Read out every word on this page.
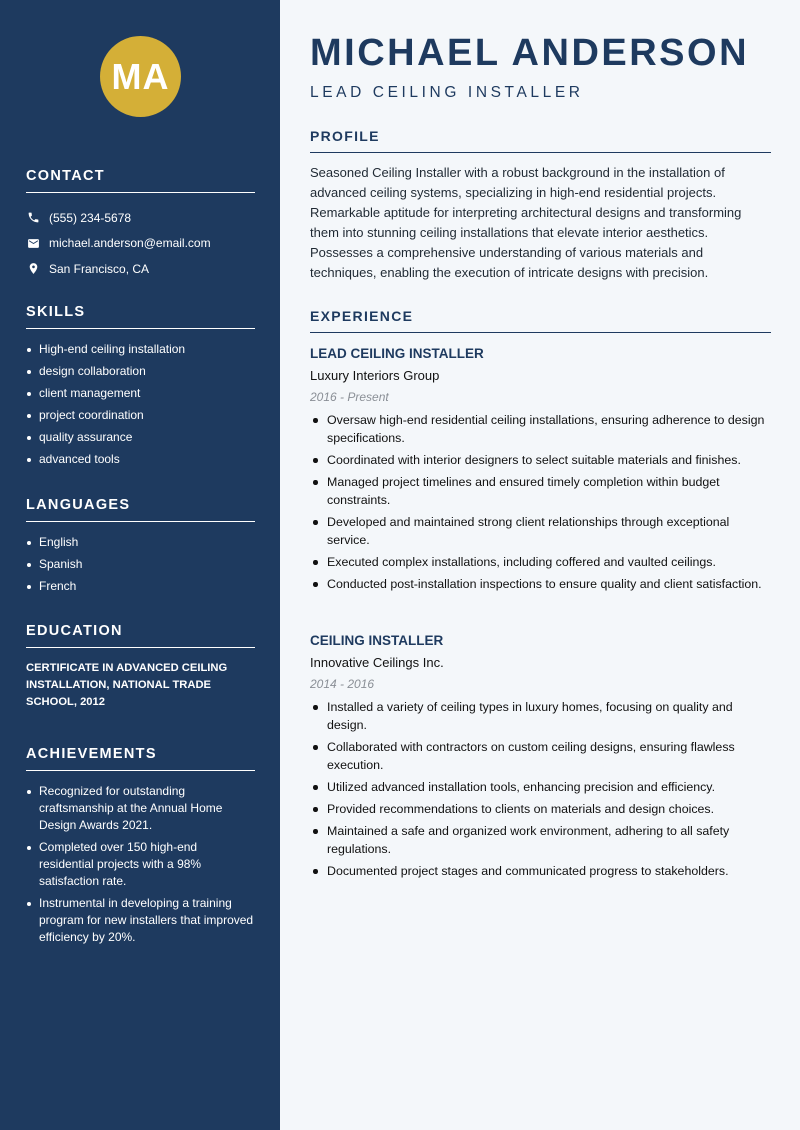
MA
CONTACT
(555) 234-5678
michael.anderson@email.com
San Francisco, CA
SKILLS
High-end ceiling installation
design collaboration
client management
project coordination
quality assurance
advanced tools
LANGUAGES
English
Spanish
French
EDUCATION

CERTIFICATE IN ADVANCED CEILING INSTALLATION, NATIONAL TRADE SCHOOL, 2012

ACHIEVEMENTS
Recognized for outstanding craftsmanship at the Annual Home Design Awards 2021.
Completed over 150 high-end residential projects with a 98% satisfaction rate.
Instrumental in developing a training program for new installers that improved efficiency by 20%.
MICHAEL ANDERSON
LEAD CEILING INSTALLER
PROFILE

Seasoned Ceiling Installer with a robust background in the installation of advanced ceiling systems, specializing in high-end residential projects. Remarkable aptitude for interpreting architectural designs and transforming them into stunning ceiling installations that elevate interior aesthetics. Possesses a comprehensive understanding of various materials and techniques, enabling the execution of intricate designs with precision.

EXPERIENCE
LEAD CEILING INSTALLER
Luxury Interiors Group
2016 - Present
Oversaw high-end residential ceiling installations, ensuring adherence to design specifications.
Coordinated with interior designers to select suitable materials and finishes.
Managed project timelines and ensured timely completion within budget constraints.
Developed and maintained strong client relationships through exceptional service.
Executed complex installations, including coffered and vaulted ceilings.
Conducted post-installation inspections to ensure quality and client satisfaction.
CEILING INSTALLER
Innovative Ceilings Inc.
2014 - 2016
Installed a variety of ceiling types in luxury homes, focusing on quality and design.
Collaborated with contractors on custom ceiling designs, ensuring flawless execution.
Utilized advanced installation tools, enhancing precision and efficiency.
Provided recommendations to clients on materials and design choices.
Maintained a safe and organized work environment, adhering to all safety regulations.
Documented project stages and communicated progress to stakeholders.
